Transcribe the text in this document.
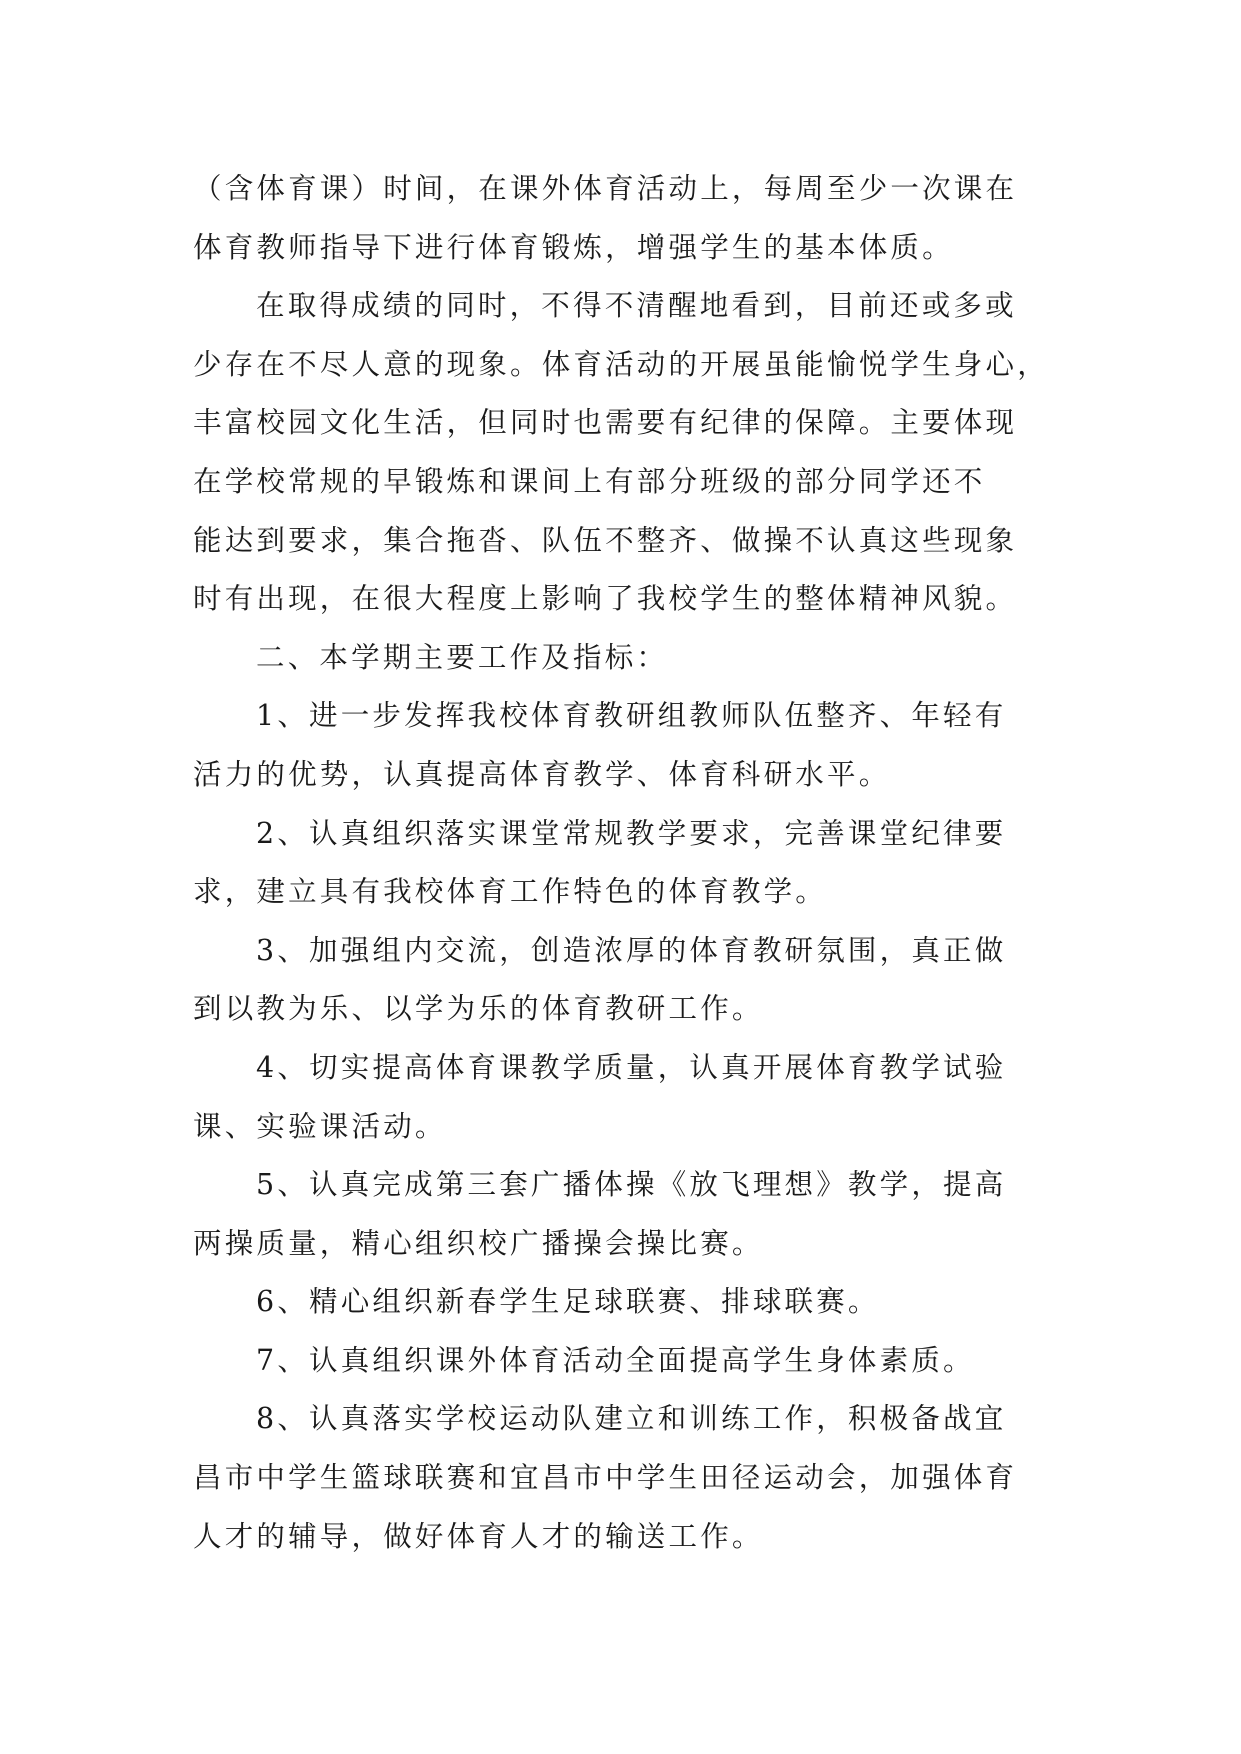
（含体育课）时间，在课外体育活动上，每周至少一次课在
体育教师指导下进行体育锻炼，增强学生的基本体质。
在取得成绩的同时，不得不清醒地看到，目前还或多或
少存在不尽人意的现象。体育活动的开展虽能愉悦学生身心，
丰富校园文化生活，但同时也需要有纪律的保障。主要体现
在学校常规的早锻炼和课间上有部分班级的部分同学还不
能达到要求，集合拖沓、队伍不整齐、做操不认真这些现象
时有出现，在很大程度上影响了我校学生的整体精神风貌。
二、本学期主要工作及指标：
1、进一步发挥我校体育教研组教师队伍整齐、年轻有
活力的优势，认真提高体育教学、体育科研水平。
2、认真组织落实课堂常规教学要求，完善课堂纪律要
求，建立具有我校体育工作特色的体育教学。
3、加强组内交流，创造浓厚的体育教研氛围，真正做
到以教为乐、以学为乐的体育教研工作。
4、切实提高体育课教学质量，认真开展体育教学试验
课、实验课活动。
5、认真完成第三套广播体操《放飞理想》教学，提高
两操质量，精心组织校广播操会操比赛。
6、精心组织新春学生足球联赛、排球联赛。
7、认真组织课外体育活动全面提高学生身体素质。
8、认真落实学校运动队建立和训练工作，积极备战宜
昌市中学生篮球联赛和宜昌市中学生田径运动会，加强体育
人才的辅导，做好体育人才的输送工作。
